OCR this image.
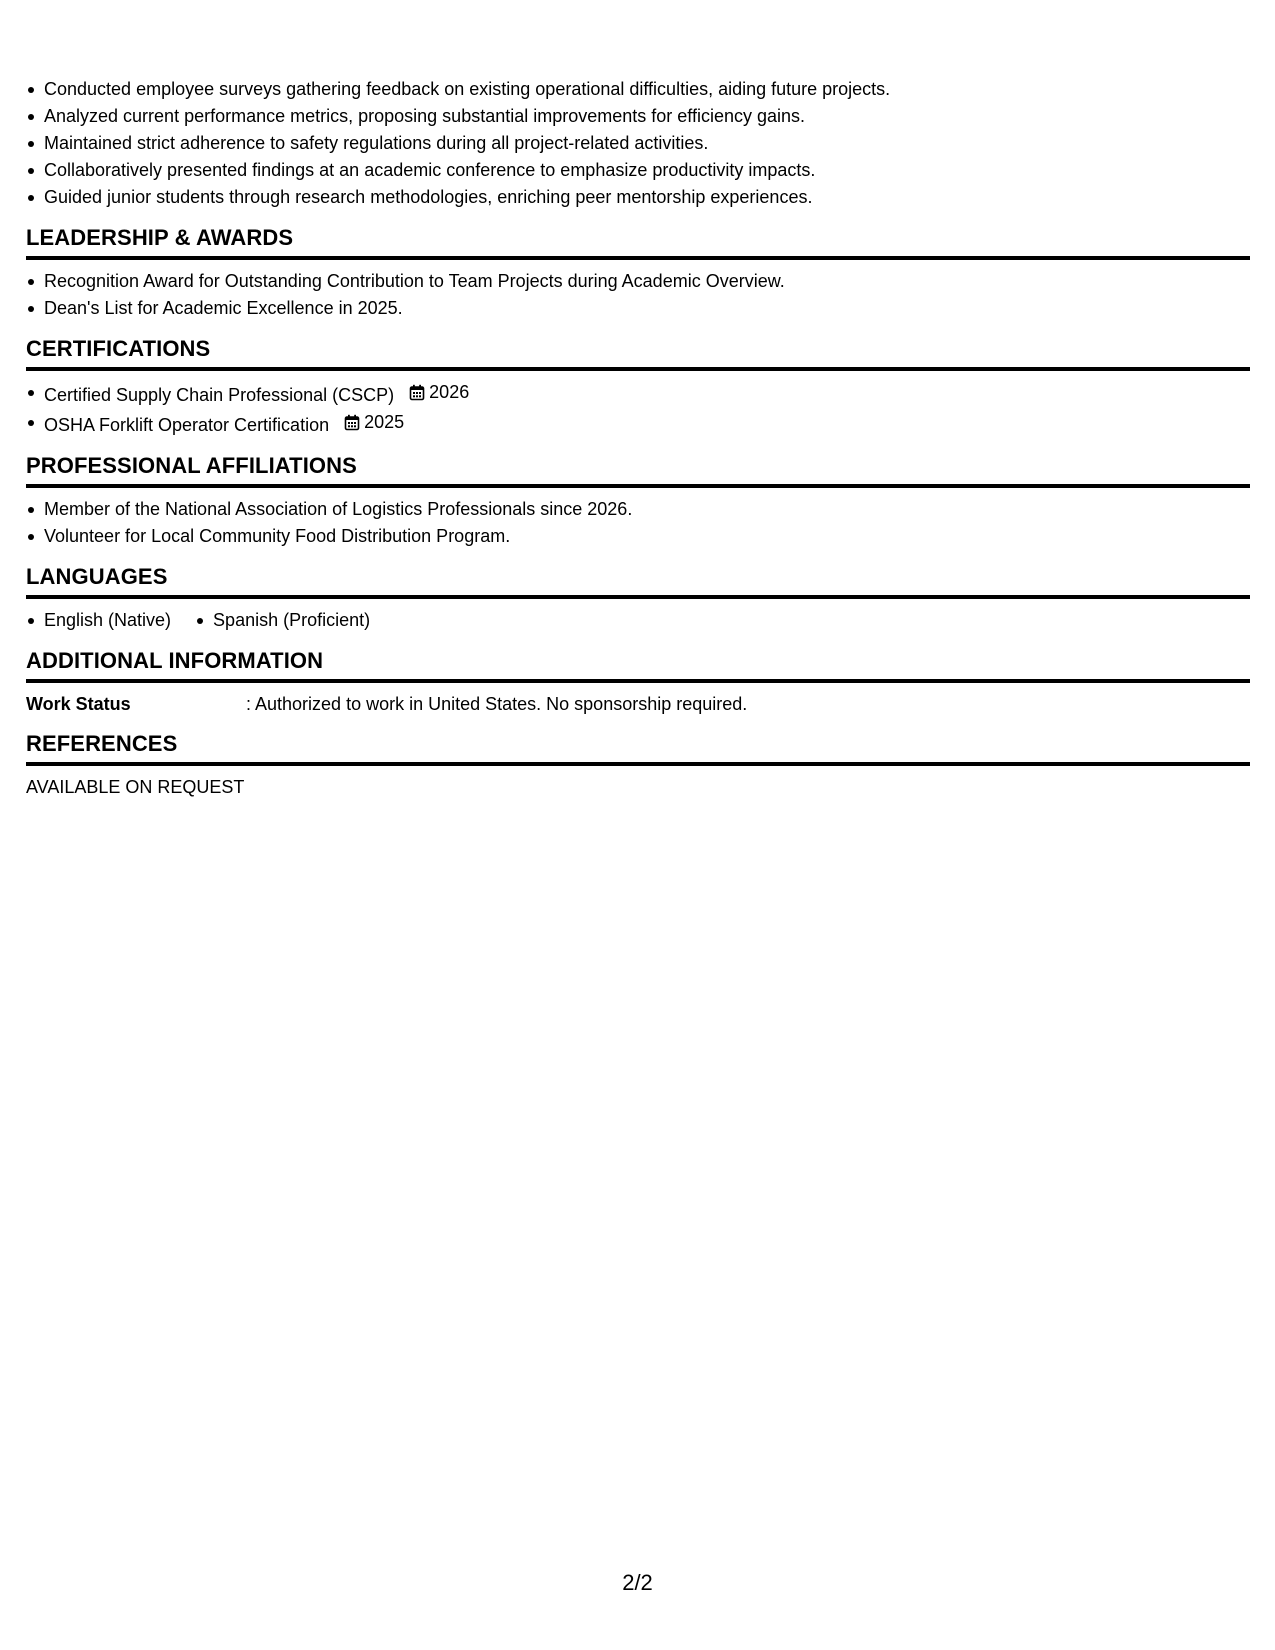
Conducted employee surveys gathering feedback on existing operational difficulties, aiding future projects.
Analyzed current performance metrics, proposing substantial improvements for efficiency gains.
Maintained strict adherence to safety regulations during all project-related activities.
Collaboratively presented findings at an academic conference to emphasize productivity impacts.
Guided junior students through research methodologies, enriching peer mentorship experiences.
LEADERSHIP & AWARDS
Recognition Award for Outstanding Contribution to Team Projects during Academic Overview.
Dean's List for Academic Excellence in 2025.
CERTIFICATIONS
Certified Supply Chain Professional (CSCP) 2026
OSHA Forklift Operator Certification 2025
PROFESSIONAL AFFILIATIONS
Member of the National Association of Logistics Professionals since 2026.
Volunteer for Local Community Food Distribution Program.
LANGUAGES
English (Native)	Spanish (Proficient)
ADDITIONAL INFORMATION
Work Status	: Authorized to work in United States. No sponsorship required.
REFERENCES
AVAILABLE ON REQUEST
2/2
